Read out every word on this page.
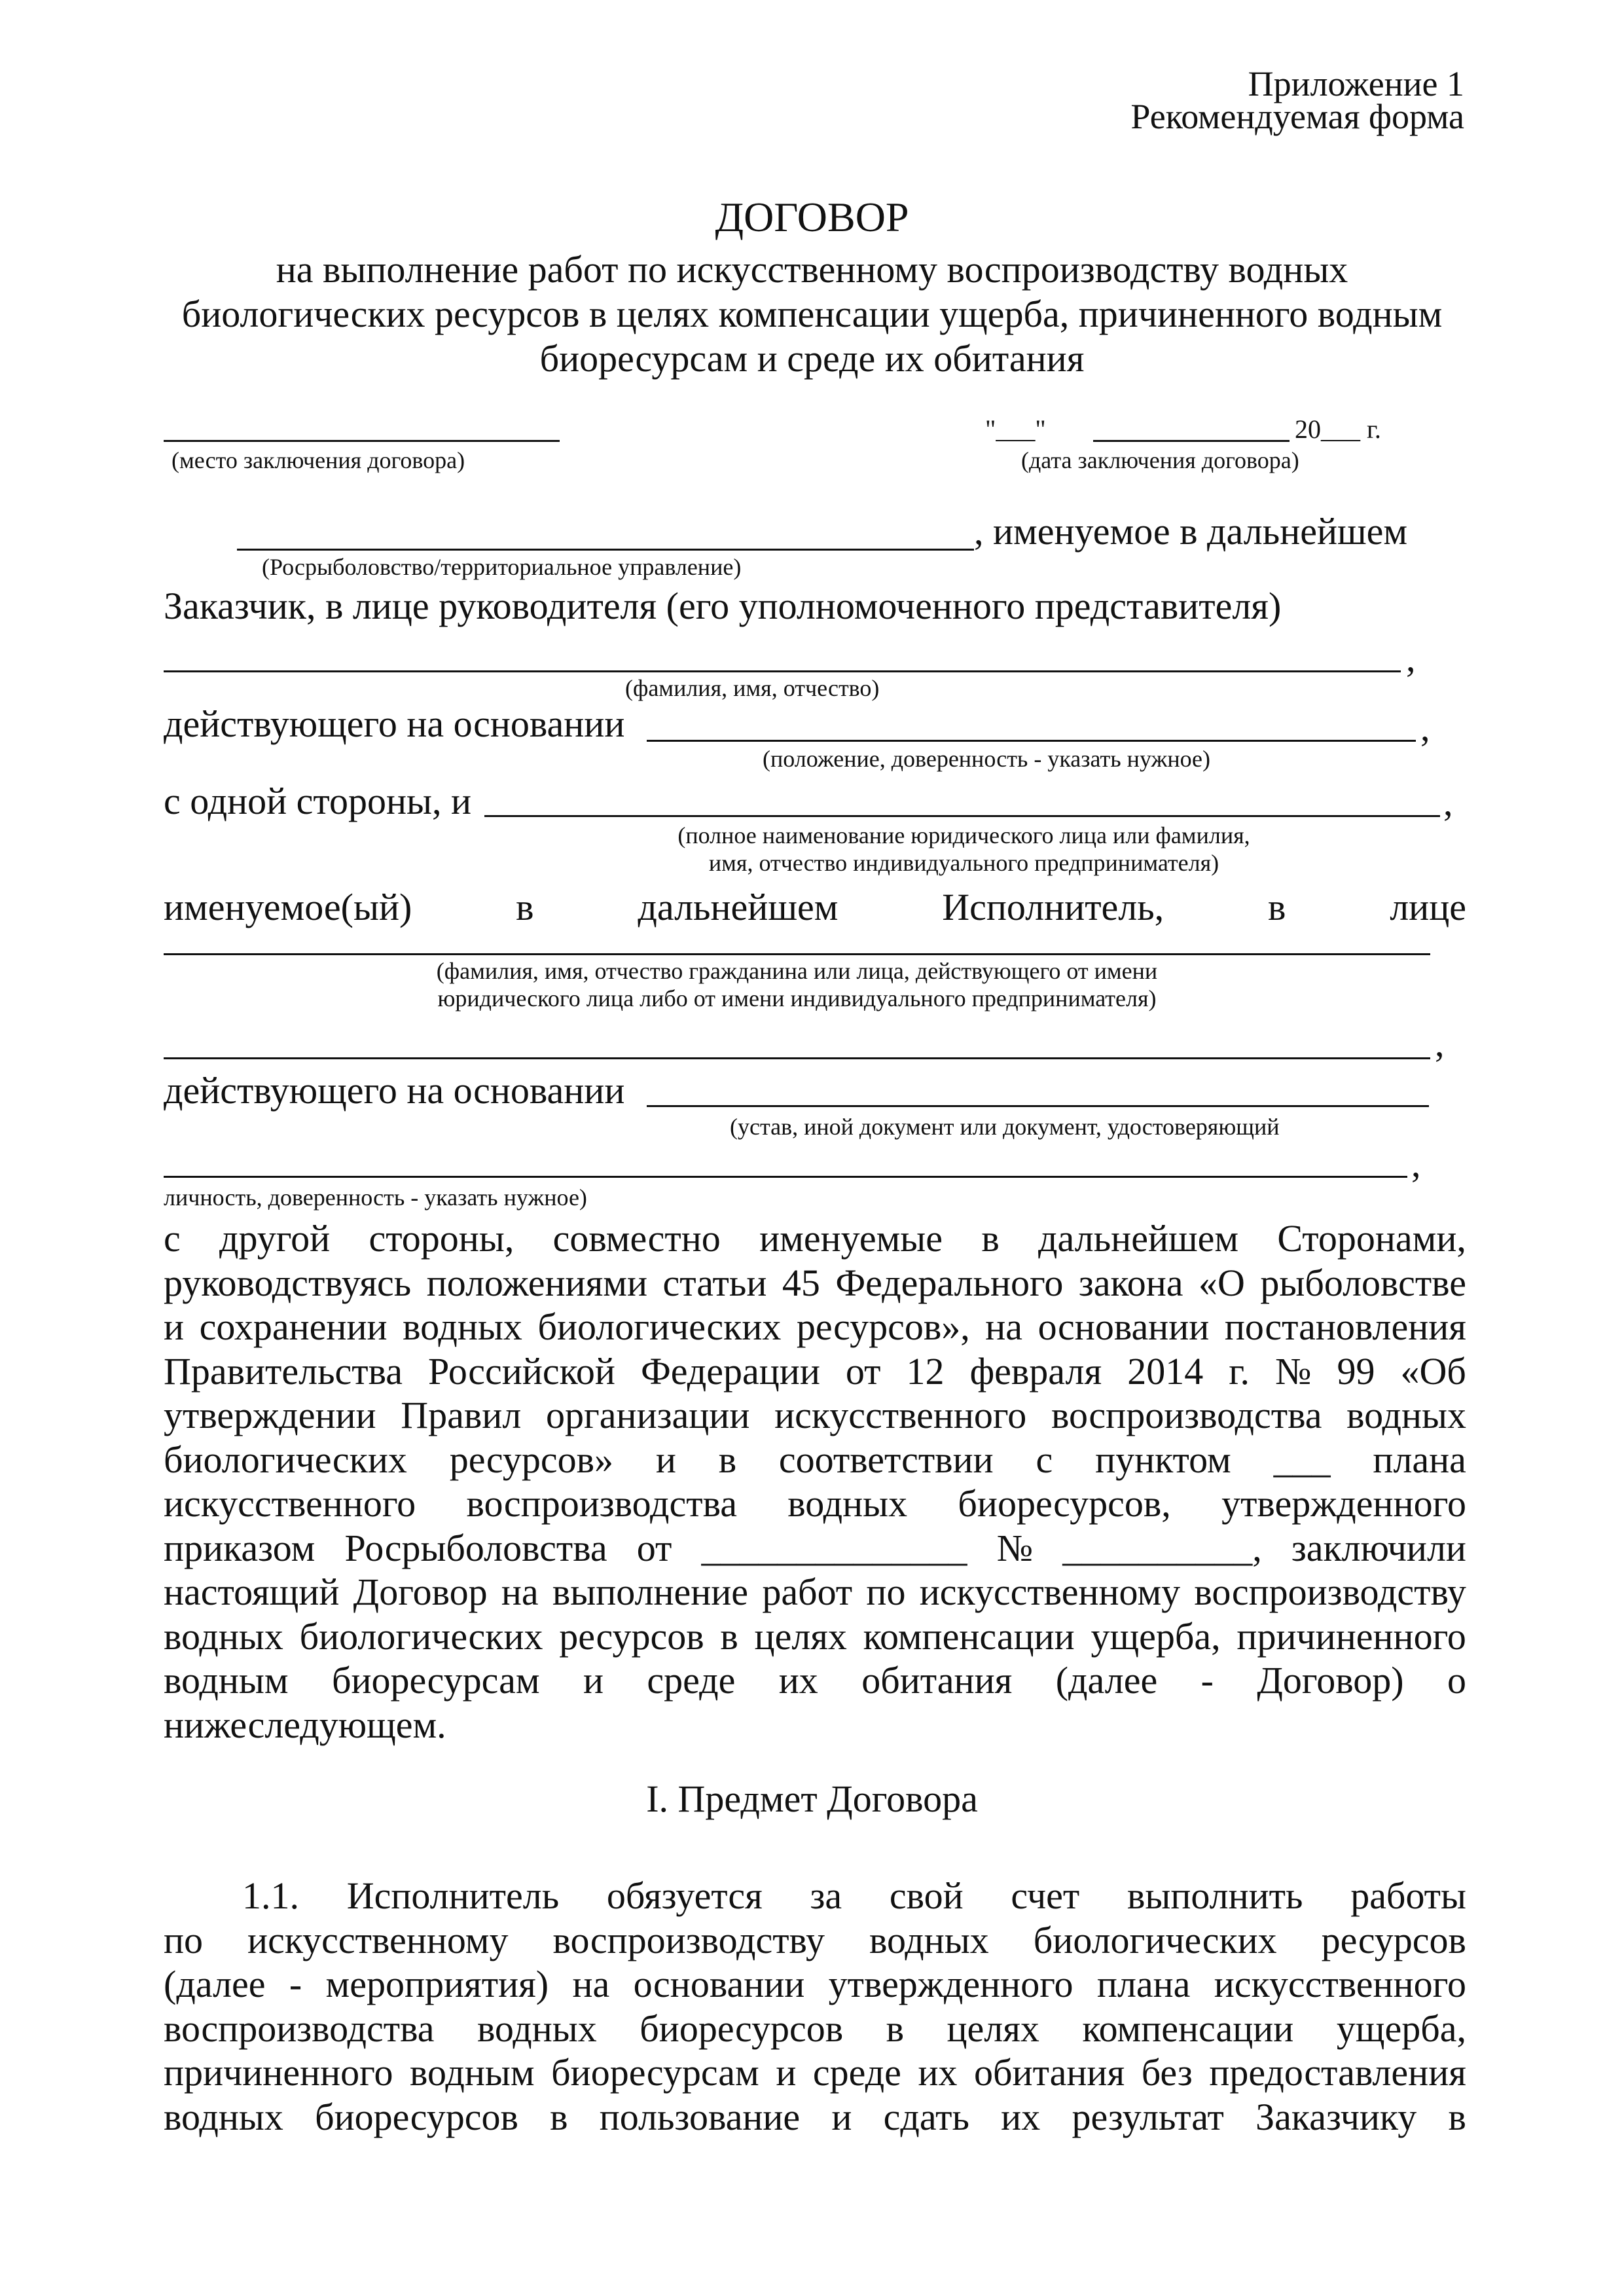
Приложение 1
Рекомендуемая форма
ДОГОВОР
на выполнение работ по искусственному воспроизводству водных
биологических ресурсов в целях компенсации ущерба, причиненного водным
биоресурсам и среде их обитания
(место заключения договора)
"___"	20___ г.
(дата заключения договора)
, именуемое в дальнейшем
(Росрыболовство/территориальное управление)
Заказчик, в лице руководителя (его уполномоченного представителя)
,
(фамилия, имя, отчество)
действующего на основании	,
(положение, доверенность - указать нужное)
с одной стороны, и	,
(полное наименование юридического лица или фамилия,
имя, отчество индивидуального предпринимателя)
именуемое(ый)	в	дальнейшем	Исполнитель,	в	лице
(фамилия, имя, отчество гражданина или лица, действующего от имени
юридического лица либо от имени индивидуального предпринимателя)
,
действующего на основании
(устав, иной документ или документ, удостоверяющий
,
личность, доверенность - указать нужное)
с другой стороны, совместно именуемые в дальнейшем Сторонами,
руководствуясь положениями статьи 45 Федерального закона «О рыболовстве
и сохранении водных биологических ресурсов», на основании постановления
Правительства Российской Федерации от 12 февраля 2014 г. № 99 «Об
утверждении Правил организации искусственного воспроизводства водных
биологических ресурсов» и в соответствии с пунктом ___ плана
искусственного воспроизводства водных биоресурсов, утвержденного
приказом Росрыболовства от ______________ № __________, заключили
настоящий Договор на выполнение работ по искусственному воспроизводству
водных биологических ресурсов в целях компенсации ущерба, причиненного
водным биоресурсам и среде их обитания (далее - Договор) о
нижеследующем.
I. Предмет Договора
1.1. Исполнитель обязуется за свой счет выполнить работы
по искусственному воспроизводству водных биологических ресурсов
(далее - мероприятия) на основании утвержденного плана искусственного
воспроизводства водных биоресурсов в целях компенсации ущерба,
причиненного водным биоресурсам и среде их обитания без предоставления
водных биоресурсов в пользование и сдать их результат Заказчику в
